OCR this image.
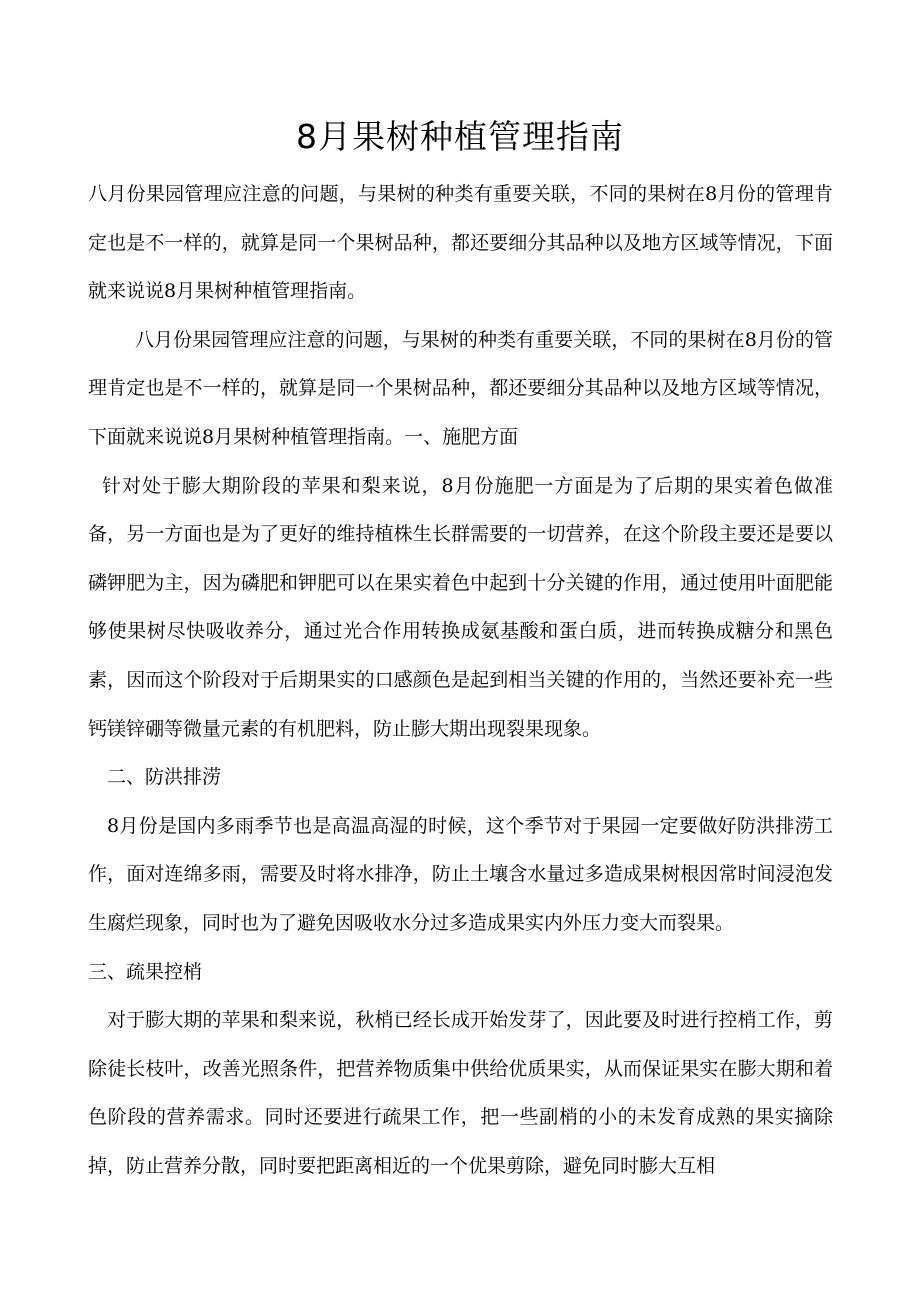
8月果树种植管理指南

八月份果园管理应注意的问题，与果树的种类有重要关联，不同的果树在8月份的管理肯定也是不一样的，就算是同一个果树品种，都还要细分其品种以及地方区域等情况，下面就来说说8月果树种植管理指南。

八月份果园管理应注意的问题，与果树的种类有重要关联，不同的果树在8月份的管理肯定也是不一样的，就算是同一个果树品种，都还要细分其品种以及地方区域等情况，下面就来说说8月果树种植管理指南。一、施肥方面

针对处于膨大期阶段的苹果和梨来说，8月份施肥一方面是为了后期的果实着色做准备，另一方面也是为了更好的维持植株生长群需要的一切营养，在这个阶段主要还是要以磷钾肥为主，因为磷肥和钾肥可以在果实着色中起到十分关键的作用，通过使用叶面肥能够使果树尽快吸收养分，通过光合作用转换成氨基酸和蛋白质，进而转换成糖分和黑色素，因而这个阶段对于后期果实的口感颜色是起到相当关键的作用的，当然还要补充一些钙镁锌硼等微量元素的有机肥料，防止膨大期出现裂果现象。

二、防洪排涝

8月份是国内多雨季节也是高温高湿的时候，这个季节对于果园一定要做好防洪排涝工作，面对连绵多雨，需要及时将水排净，防止土壤含水量过多造成果树根因常时间浸泡发生腐烂现象，同时也为了避免因吸收水分过多造成果实内外压力变大而裂果。

三、疏果控梢

对于膨大期的苹果和梨来说，秋梢已经长成开始发芽了，因此要及时进行控梢工作，剪除徒长枝叶，改善光照条件，把营养物质集中供给优质果实，从而保证果实在膨大期和着色阶段的营养需求。同时还要进行疏果工作，把一些副梢的小的未发育成熟的果实摘除掉，防止营养分散，同时要把距离相近的一个优果剪除，避免同时膨大互相
